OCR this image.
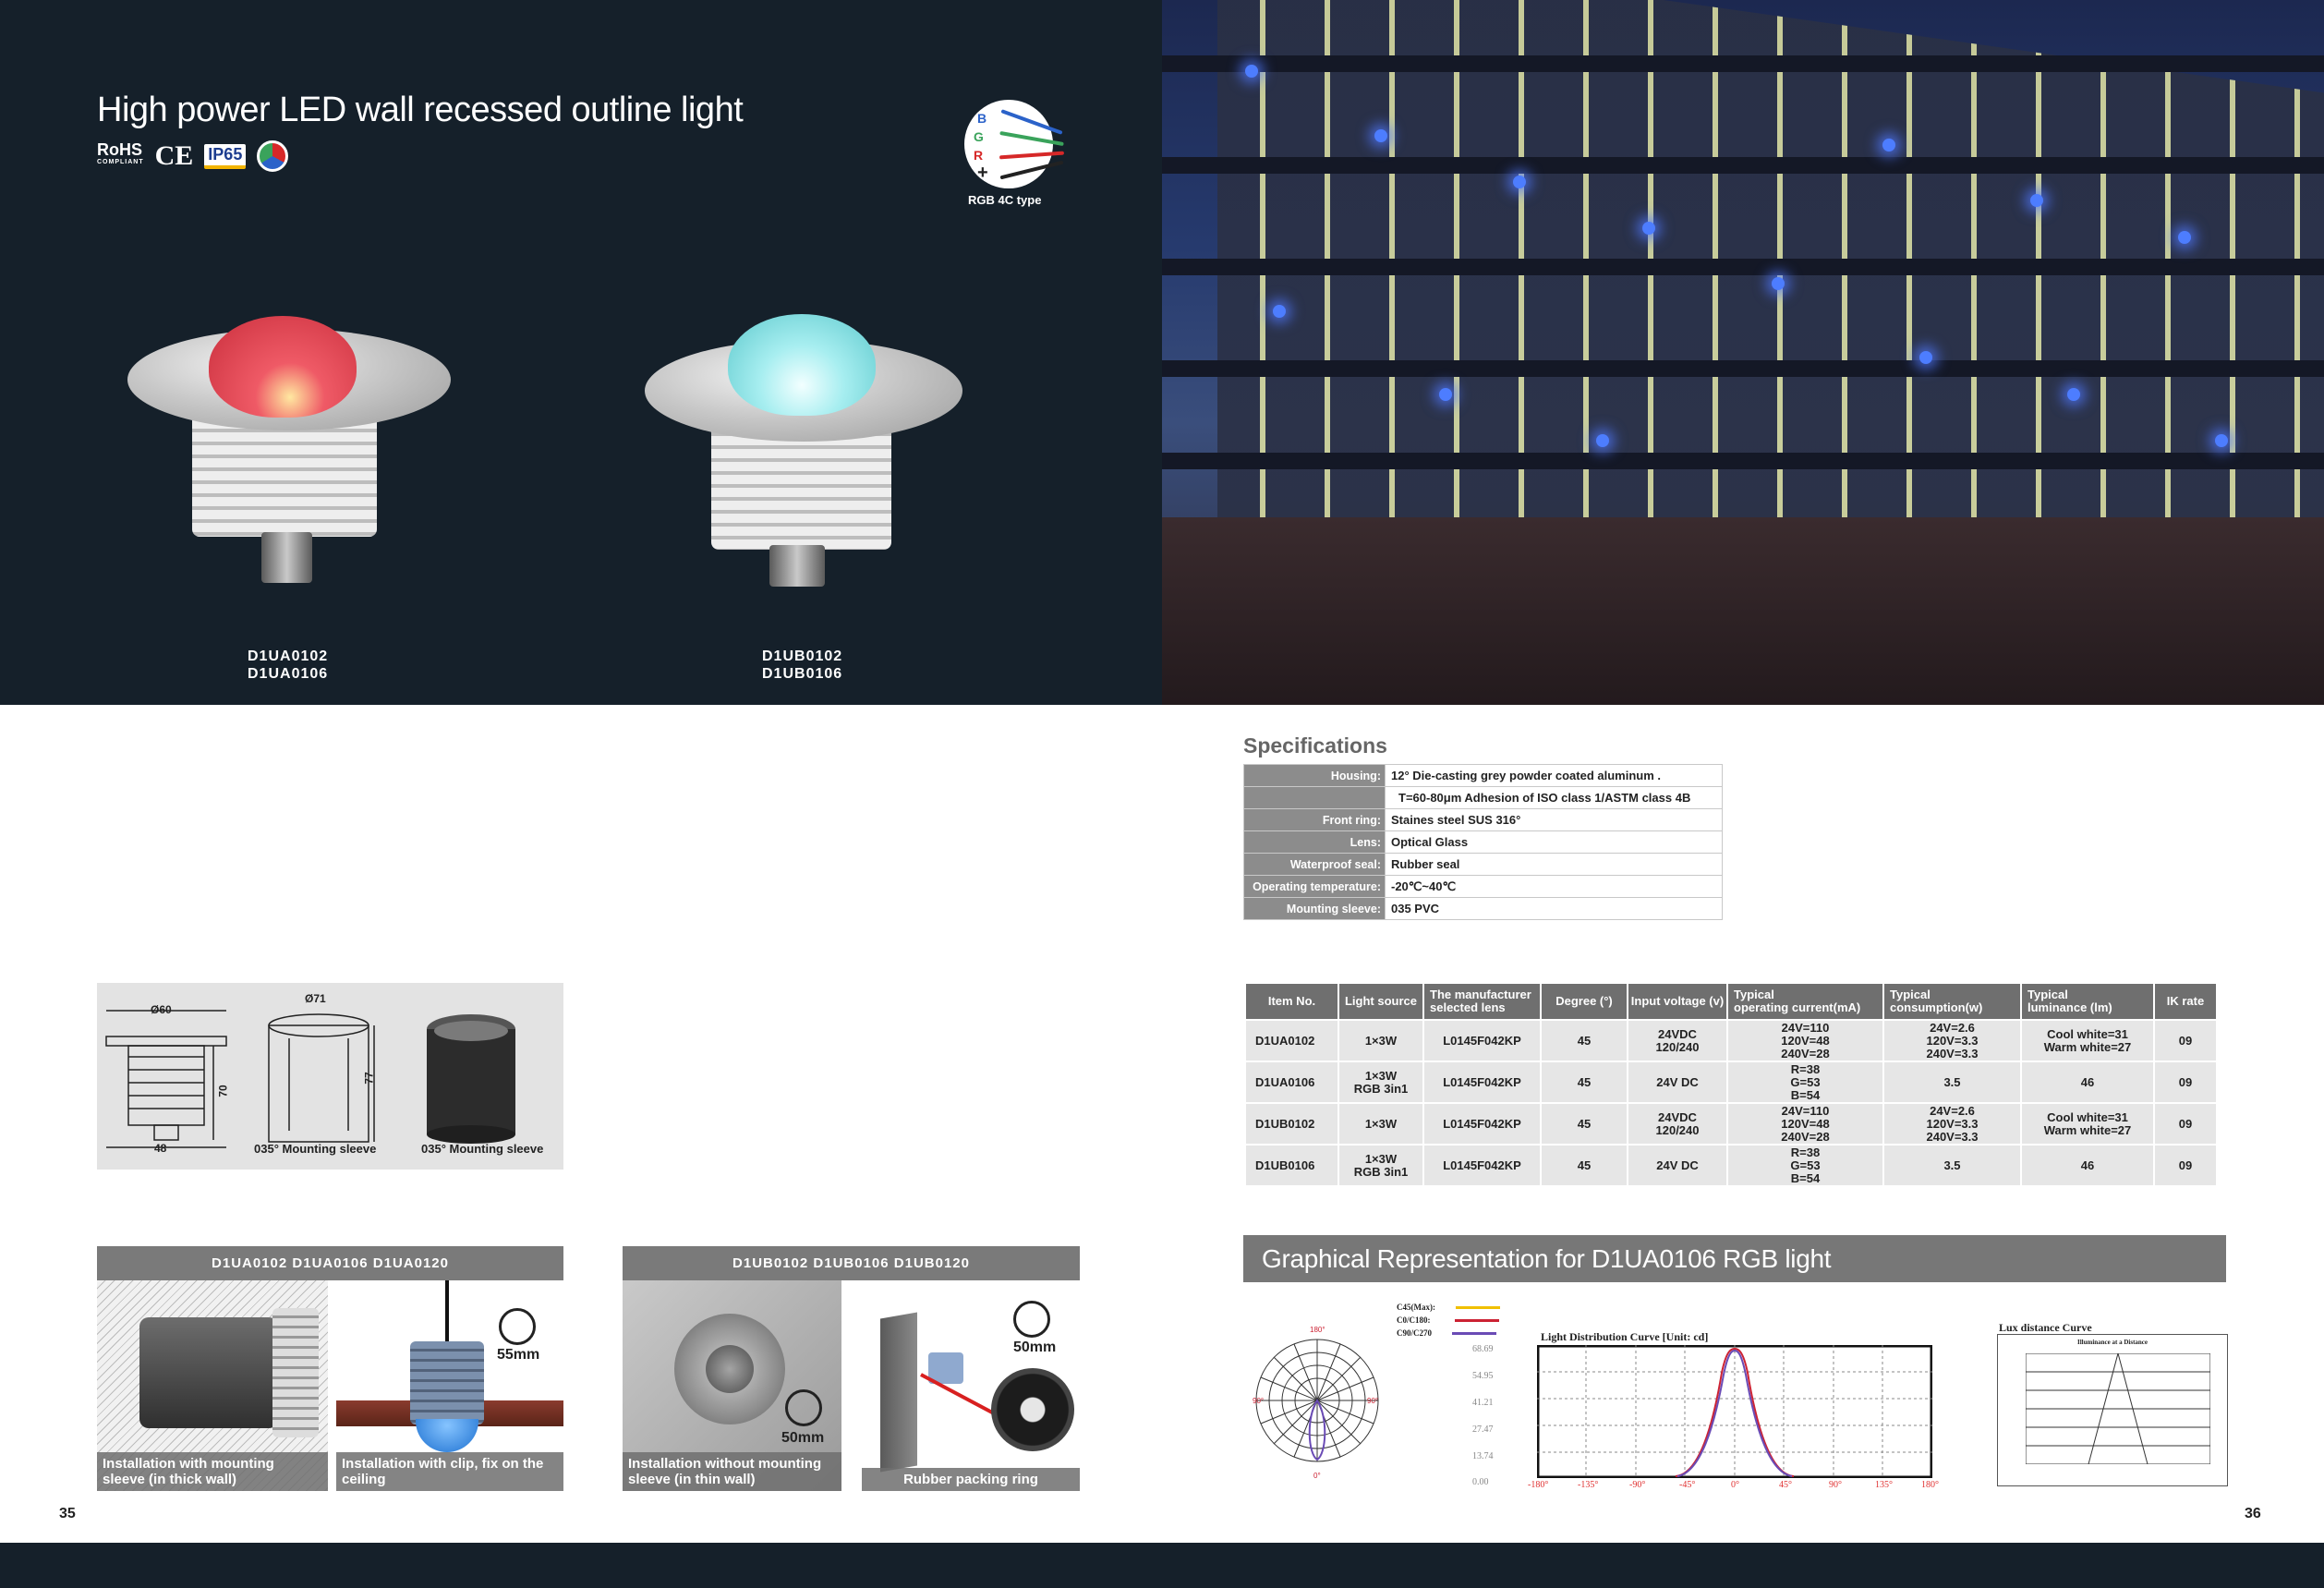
High power LED wall recessed outline light
RoHS
COMPLIANT CE IP65
B
G
R
+
RGB 4C type
D1UA0102
D1UA0106
D1UB0102
D1UB0106
Specifications
Housing:	12° Die-casting grey powder coated aluminum .
	T=60-80μm Adhesion of ISO class 1/ASTM class 4B
Front ring:	Staines steel SUS 316°
Lens:	Optical Glass
Waterproof seal:	Rubber seal
Operating temperature:	-20℃~40℃
Mounting sleeve:	035 PVC
Item No.	Light source	The manufacturer
selected lens	Degree (°)	Input voltage (v)	Typical
operating current(mA)	Typical
consumption(w)	Typical
luminance (lm)	IK rate
D1UA0102	1×3W	L0145F042KP	45	24VDC
120/240	24V=110
120V=48
240V=28	24V=2.6
120V=3.3
240V=3.3	Cool white=31
Warm white=27	09
D1UA0106	1×3W
RGB 3in1	L0145F042KP	45	24V DC	R=38
G=53
B=54	3.5	46	09
D1UB0102	1×3W	L0145F042KP	45	24VDC
120/240	24V=110
120V=48
240V=28	24V=2.6
120V=3.3
240V=3.3	Cool white=31
Warm white=27	09
D1UB0106	1×3W
RGB 3in1	L0145F042KP	45	24V DC	R=38
G=53
B=54	3.5	46	09
Graphical Representation for D1UA0106 RGB light
180°
90°	90°
0°
C45(Max):
C0/C180:
C90/C270
68.69
54.95
41.21
27.47
13.74
0.00
Light Distribution Curve [Unit: cd]
-180°	-135°	-90°	-45°	0°	45°	90°	135°	180°
Lux distance Curve
Illuminance at a Distance
Ø60
Ø71
70
77
48	035° Mounting sleeve	035° Mounting sleeve
D1UA0102 D1UA0106 D1UA0120
Installation with mounting
sleeve (in thick wall)
55mm
Installation with clip, fix on the
ceiling
D1UB0102 D1UB0106 D1UB0120
50mm
Installation without mounting
sleeve (in thin wall)
50mm
Rubber packing ring
35	36
